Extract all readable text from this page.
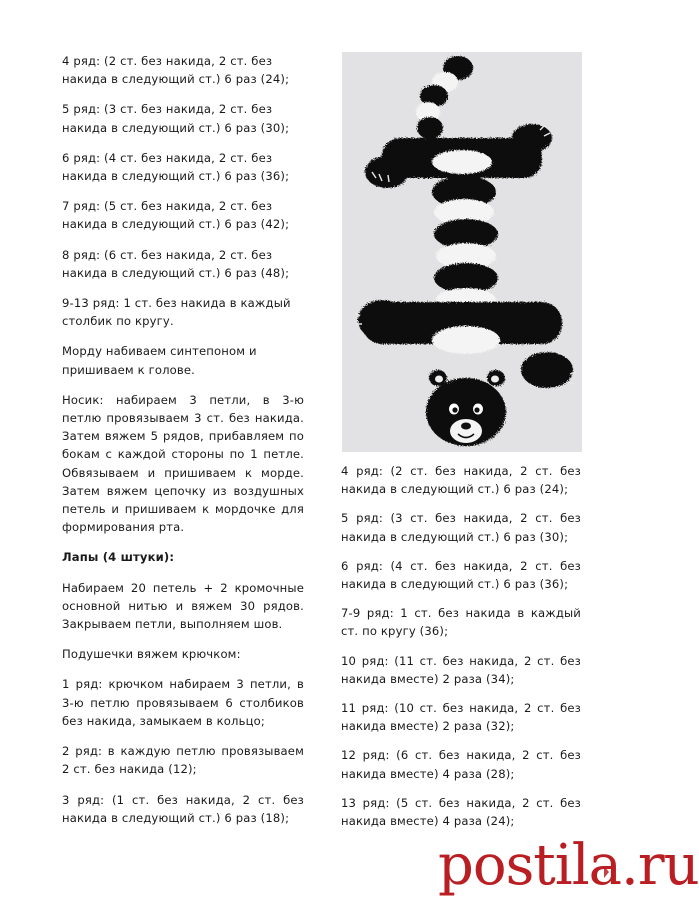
4 ряд: (2 ст. без накида, 2 ст. без накида в следующий ст.) 6 раз (24);

5 ряд: (3 ст. без накида, 2 ст. без накида в следующий ст.) 6 раз (30);

6 ряд: (4 ст. без накида, 2 ст. без накида в следующий ст.) 6 раз (36);

7 ряд: (5 ст. без накида, 2 ст. без накида в следующий ст.) 6 раз (42);

8 ряд: (6 ст. без накида, 2 ст. без накида в следующий ст.) 6 раз (48);

9-13 ряд: 1 ст. без накида в каждый столбик по кругу.

Морду набиваем синтепоном и пришиваем к голове.

Носик: набираем 3 петли, в 3-ю петлю провязываем 3 ст. без накида. Затем вяжем 5 рядов, прибавляем по бокам с каждой стороны по 1 петле. Обвязываем и пришиваем к морде. Затем вяжем цепочку из воздушных петель и пришиваем к мордочке для формирования рта.

Лапы (4 штуки):

Набираем 20 петель + 2 кромочные основной нитью и вяжем 30 рядов. Закрываем петли, выполняем шов.

Подушечки вяжем крючком:

1 ряд: крючком набираем 3 петли, в 3-ю петлю провязываем 6 столбиков без накида, замыкаем в кольцо;

2 ряд: в каждую петлю провязываем 2 ст. без накида (12);

3 ряд: (1 ст. без накида, 2 ст. без накида в следующий ст.) 6 раз (18);

4 ряд: (2 ст. без накида, 2 ст. без накида в следующий ст.) 6 раз (24);

5 ряд: (3 ст. без накида, 2 ст. без накида в следующий ст.) 6 раз (30);

6 ряд: (4 ст. без накида, 2 ст. без накида в следующий ст.) 6 раз (36);

7-9 ряд: 1 ст. без накида в каждый ст. по кругу (36);

10 ряд: (11 ст. без накида, 2 ст. без накида вместе) 2 раза (34);

11 ряд: (10 ст. без накида, 2 ст. без накида вместе) 2 раза (32);

12 ряд: (6 ст. без накида, 2 ст. без накида вместе) 4 раза (28);

13 ряд: (5 ст. без накида, 2 ст. без накида вместе) 4 раза (24);

postila.ru
